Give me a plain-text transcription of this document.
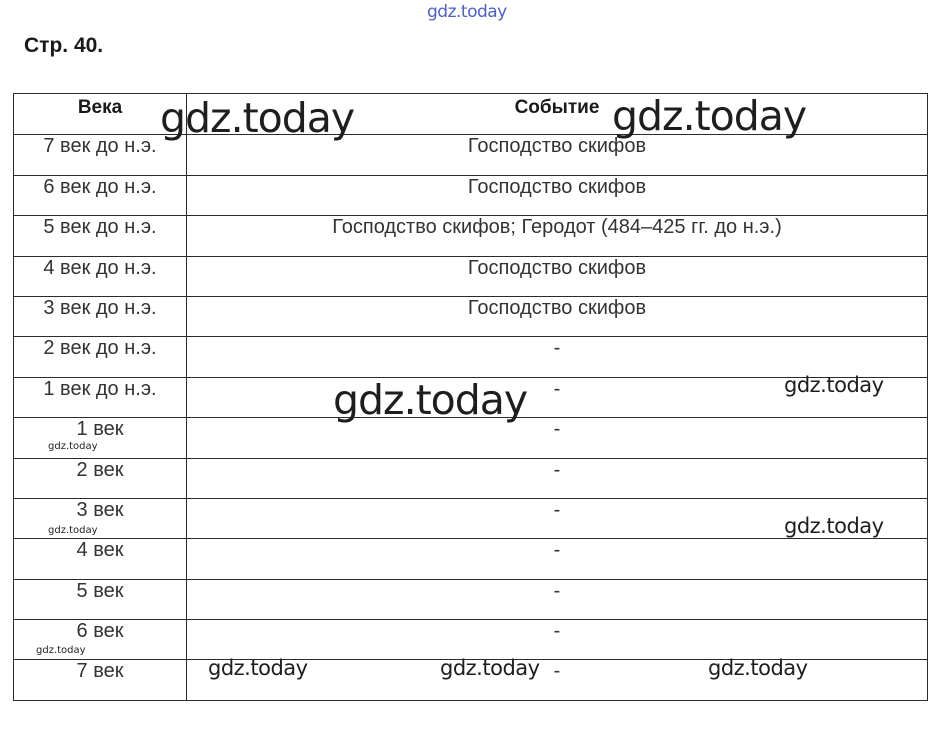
gdz.today
Стр. 40.
Века	Событие
7 век до н.э.	Господство скифов
6 век до н.э.	Господство скифов
5 век до н.э.	Господство скифов; Геродот (484–425 гг. до н.э.)
4 век до н.э.	Господство скифов
3 век до н.э.	Господство скифов
2 век до н.э.	-
1 век до н.э.	-
1 век	-
2 век	-
3 век	-
4 век	-
5 век	-
6 век	-
7 век	-
gdz.today	gdz.today
gdz.today	gdz.today
gdz.today
gdz.today
gdz.today
gdz.today
gdz.today	gdz.today	gdz.today
